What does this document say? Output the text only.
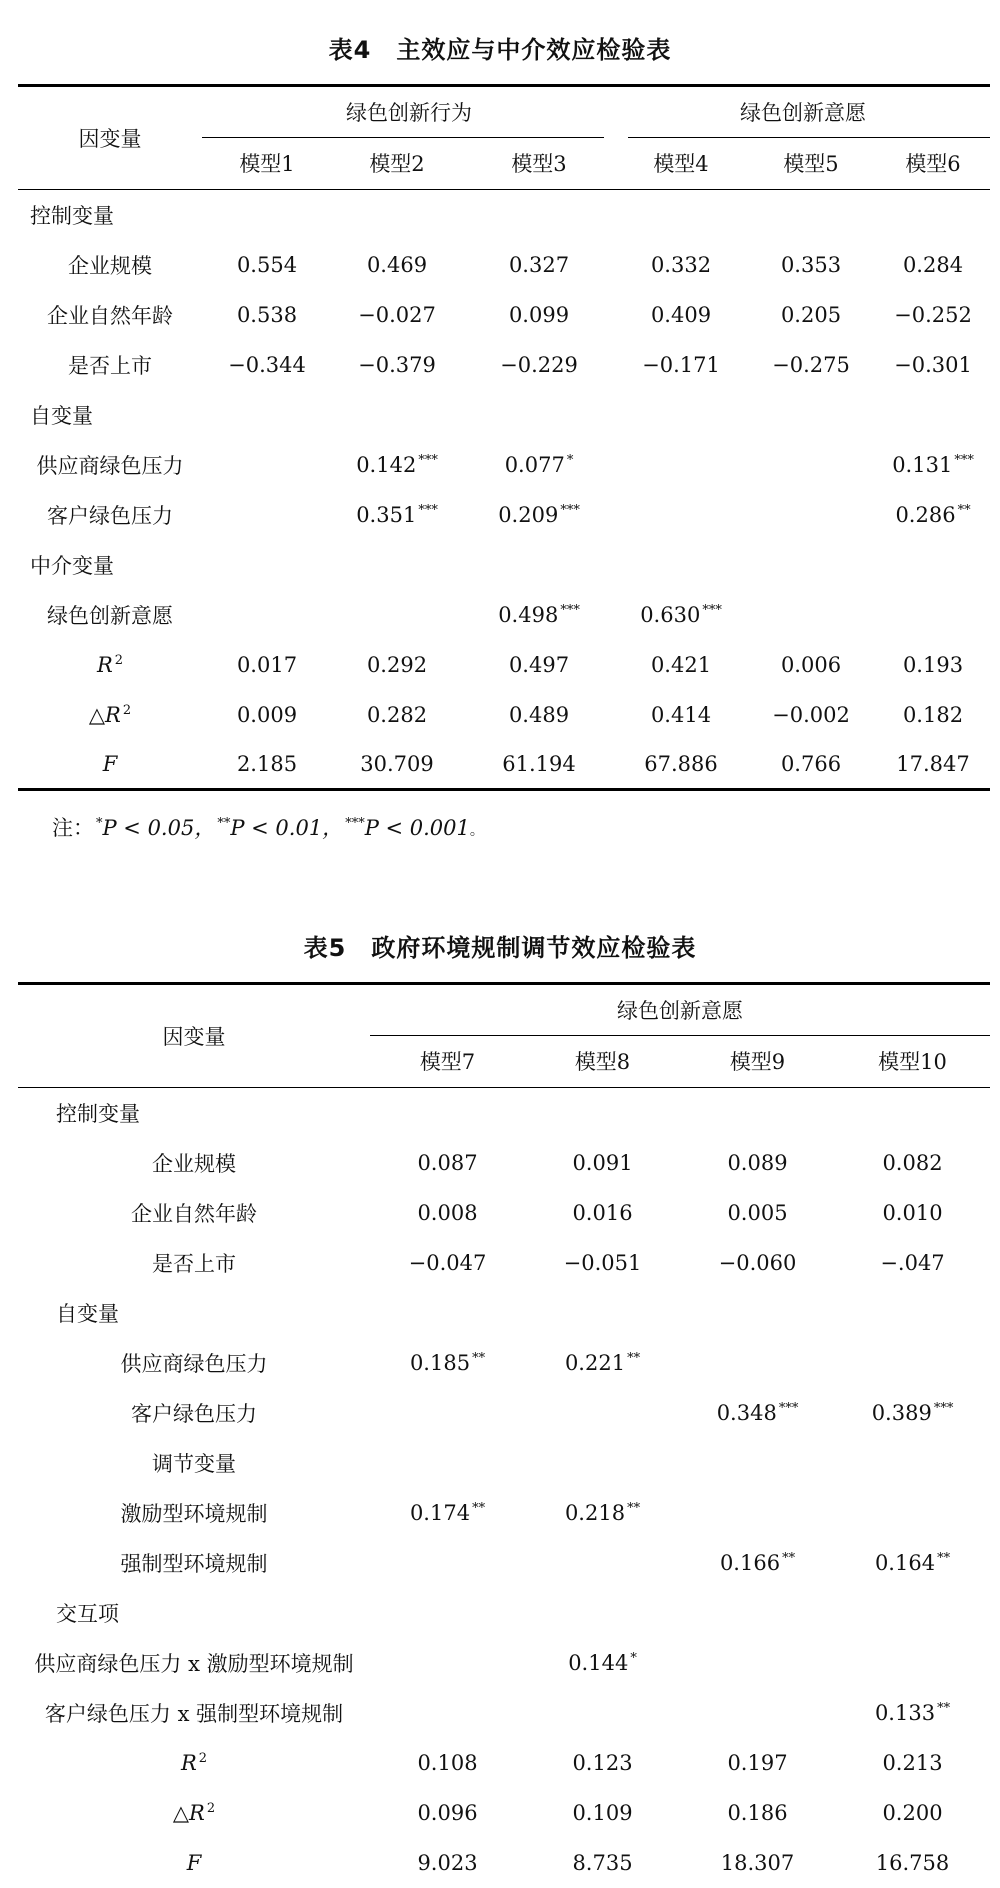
表4　主效应与中介效应检验表
因变量	绿色创新行为			绿色创新意愿		
	模型1	模型2	模型3	模型4	模型5	模型6
控制变量						
企业规模	0.554	0.469	0.327	0.332	0.353	0.284
企业自然年龄	0.538	−0.027	0.099	0.409	0.205	−0.252
是否上市	−0.344	−0.379	−0.229	−0.171	−0.275	−0.301
自变量						
供应商绿色压力		0.142 ***	0.077 *			0.131 ***
客户绿色压力		0.351 ***	0.209 ***			0.286 **
中介变量						
绿色创新意愿			0.498 ***	0.630 ***		
R $^2$	0.017	0.292	0.497	0.421	0.006	0.193
△R $^2$	0.009	0.282	0.489	0.414	−0.002	0.182
F	2.185	30.709	61.194	67.886	0.766	17.847
注： *P < 0.05， **P < 0.01， ***P < 0.001。
表5　政府环境规制调节效应检验表
因变量	绿色创新意愿			
	模型7	模型8	模型9	模型10
控制变量				
企业规模	0.087	0.091	0.089	0.082
企业自然年龄	0.008	0.016	0.005	0.010
是否上市	−0.047	−0.051	−0.060	−.047
自变量				
供应商绿色压力	0.185 **	0.221 **		
客户绿色压力			0.348 ***	0.389 ***
调节变量				
激励型环境规制	0.174 **	0.218 **		
强制型环境规制			0.166 **	0.164 **
交互项				
供应商绿色压力 x 激励型环境规制		0.144 *		
客户绿色压力 x 强制型环境规制				0.133 **
R $^2$	0.108	0.123	0.197	0.213
△R $^2$	0.096	0.109	0.186	0.200
F	9.023	8.735	18.307	16.758
